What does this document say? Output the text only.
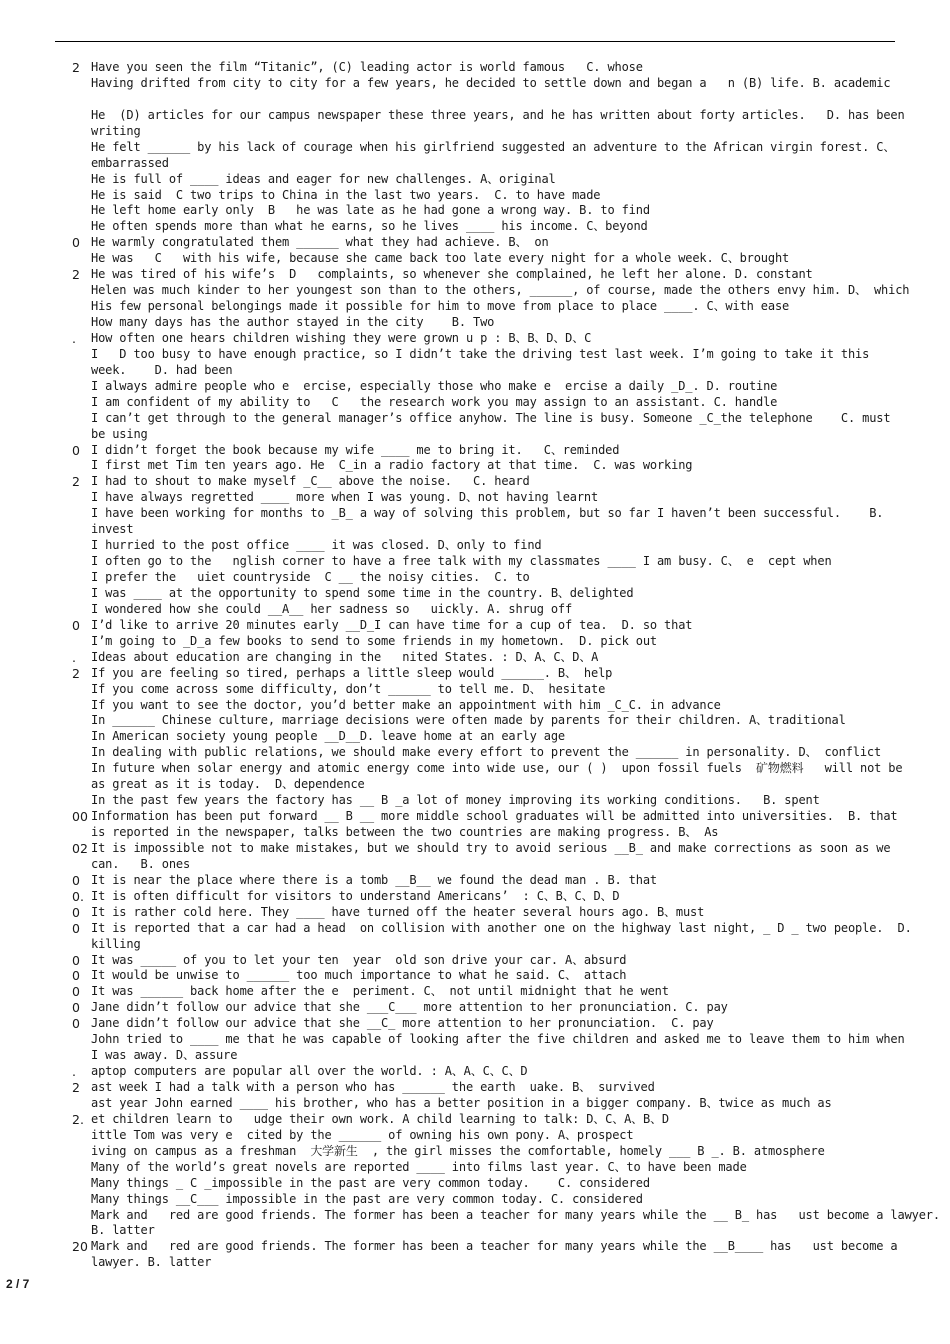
2 Have you seen the film “Titanic”, (C) leading actor is world famous   C. whose
Having drifted from city to city for a few years, he decided to settle down and began a   n (B) life. B. academic
He  (D) articles for our campus newspaper these three years, and he has written about forty articles.   D. has been
writing
He felt ______ by his lack of courage when his girlfriend suggested an adventure to the African virgin forest. C、
embarrassed
He is full of ____ ideas and eager for new challenges. A、original
He is said  C two trips to China in the last two years.  C. to have made
He left home early only  B   he was late as he had gone a wrong way. B. to find
He often spends more than what he earns, so he lives ____ his income. C、beyond
0 He warmly congratulated them ______ what they had achieve. B、 on
He was   C   with his wife, because she came back too late every night for a whole week. C、brought
2 He was tired of his wife’s  D   complaints, so whenever she complained, he left her alone. D. constant
Helen was much kinder to her youngest son than to the others, ______, of course, made the others envy him. D、 which
His few personal belongings made it possible for him to move from place to place ____. C、with ease
How many days has the author stayed in the city    B. Two
. How often one hears children wishing they were grown u p : B、B、D、D、C
I   D too busy to have enough practice, so I didn’t take the driving test last week. I’m going to take it this
week.    D. had been
I always admire people who e  ercise, especially those who make e  ercise a daily _D_. D. routine
I am confident of my ability to   C   the research work you may assign to an assistant. C. handle
I can’t get through to the general manager’s office anyhow. The line is busy. Someone _C_the telephone    C. must
be using
0 I didn’t forget the book because my wife ____ me to bring it.   C、reminded
I first met Tim ten years ago. He  C_in a radio factory at that time.  C. was working
2 I had to shout to make myself _C__ above the noise.   C. heard
I have always regretted ____ more when I was young. D、not having learnt
I have been working for months to _B_ a way of solving this problem, but so far I haven’t been successful.    B.
invest
I hurried to the post office ____ it was closed. D、only to find
I often go to the   nglish corner to have a free talk with my classmates ____ I am busy. C、 e  cept when
I prefer the   uiet countryside  C __ the noisy cities.  C. to
I was ____ at the opportunity to spend some time in the country. B、delighted
I wondered how she could __A__ her sadness so   uickly. A. shrug off
0 I’d like to arrive 20 minutes early __D_I can have time for a cup of tea.  D. so that
I’m going to _D_a few books to send to some friends in my hometown.  D. pick out
. Ideas about education are changing in the   nited States. : D、A、C、D、A
2 If you are feeling so tired, perhaps a little sleep would ______. B、 help
If you come across some difficulty, don’t ______ to tell me. D、 hesitate
If you want to see the doctor, you’d better make an appointment with him _C_C. in advance
In ______ Chinese culture, marriage decisions were often made by parents for their children. A、traditional
In American society young people __D__D. leave home at an early age
In dealing with public relations, we should make every effort to prevent the ______ in personality. D、 conflict
In future when solar energy and atomic energy come into wide use, our ( )  upon fossil fuels  矿物燃料   will not be
as great as it is today.  D、dependence
In the past few years the factory has __ B _a lot of money improving its working conditions.   B. spent
00 Information has been put forward __ B __ more middle school graduates will be admitted into universities.  B. that
is reported in the newspaper, talks between the two countries are making progress. B、 As
02 It is impossible not to make mistakes, but we should try to avoid serious __B_ and make corrections as soon as we
can.   B. ones
0 It is near the place where there is a tomb __B__ we found the dead man . B. that
0. It is often difficult for visitors to understand Americans’  : C、B、C、D、D
0 It is rather cold here. They ____ have turned off the heater several hours ago. B、must
0 It is reported that a car had a head  on collision with another one on the highway last night, _ D _ two people.  D.
killing
0 It was _____ of you to let your ten  year  old son drive your car. A、absurd
0 It would be unwise to ______ too much importance to what he said. C、 attach
0 It was ______ back home after the e  periment. C、 not until midnight that he went
0 Jane didn’t follow our advice that she ___C___ more attention to her pronunciation. C. pay
0 Jane didn’t follow our advice that she __C_ more attention to her pronunciation.  C. pay
John tried to ____ me that he was capable of looking after the five children and asked me to leave them to him when
I was away. D、assure
. aptop computers are popular all over the world. : A、A、C、C、D
2 ast week I had a talk with a person who has ______ the earth  uake. B、 survived
ast year John earned ____ his brother, who has a better position in a bigger company. B、twice as much as
2. et children learn to   udge their own work. A child learning to talk: D、C、A、B、D
ittle Tom was very e  cited by the ______ of owning his own pony. A、prospect
iving on campus as a freshman  大学新生  , the girl misses the comfortable, homely ___ B _. B. atmosphere
Many of the world’s great novels are reported ____ into films last year. C、to have been made
Many things _ C _impossible in the past are very common today.    C. considered
Many things __C___ impossible in the past are very common today. C. considered
Mark and   red are good friends. The former has been a teacher for many years while the __ B_ has   ust become a lawyer.
B. latter
20 Mark and   red are good friends. The former has been a teacher for many years while the __B____ has   ust become a
lawyer. B. latter
2 / 7
